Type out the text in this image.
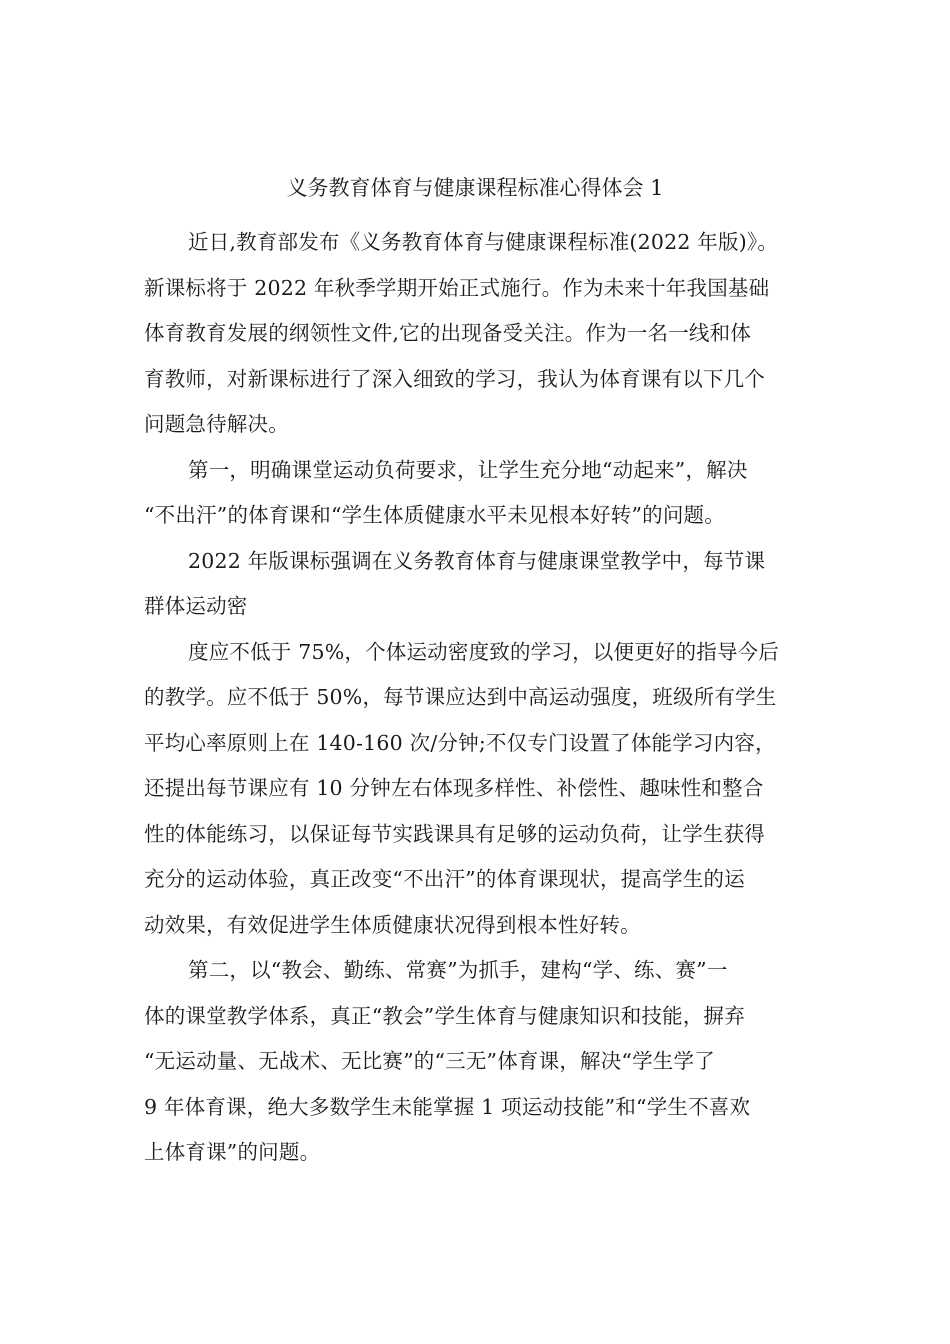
义务教育体育与健康课程标准心得体会 1
近日,教育部发布《义务教育体育与健康课程标准(2022 年版)》。
新课标将于 2022 年秋季学期开始正式施行。作为未来十年我国基础
体育教育发展的纲领性文件,它的出现备受关注。作为一名一线和体
育教师，对新课标进行了深入细致的学习，我认为体育课有以下几个
问题急待解决。
第一，明确课堂运动负荷要求，让学生充分地“动起来”，解决
“不出汗”的体育课和“学生体质健康水平未见根本好转”的问题。
2022 年版课标强调在义务教育体育与健康课堂教学中，每节课
群体运动密
度应不低于 75%，个体运动密度致的学习，以便更好的指导今后
的教学。应不低于 50%，每节课应达到中高运动强度，班级所有学生
平均心率原则上在 140-160 次/分钟;不仅专门设置了体能学习内容，
还提出每节课应有 10 分钟左右体现多样性、补偿性、趣味性和整合
性的体能练习，以保证每节实践课具有足够的运动负荷，让学生获得
充分的运动体验，真正改变“不出汗”的体育课现状，提高学生的运
动效果，有效促进学生体质健康状况得到根本性好转。
第二，以“教会、勤练、常赛”为抓手，建构“学、练、赛”一
体的课堂教学体系，真正“教会”学生体育与健康知识和技能，摒弃
“无运动量、无战术、无比赛”的“三无”体育课，解决“学生学了
9 年体育课，绝大多数学生未能掌握 1 项运动技能”和“学生不喜欢
上体育课”的问题。
